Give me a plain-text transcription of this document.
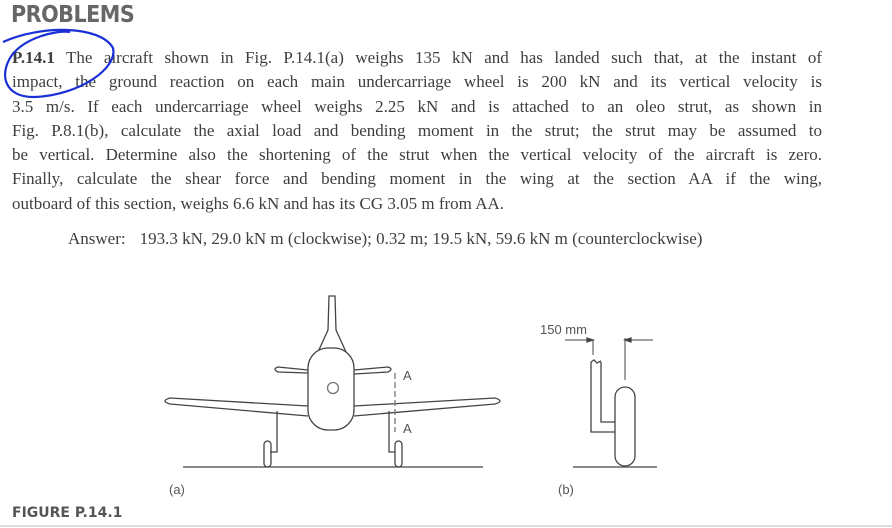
PROBLEMS
P.14.1 The aircraft shown in Fig. P.14.1(a) weighs 135 kN and has landed such that, at the instant of
impact, the ground reaction on each main undercarriage wheel is 200 kN and its vertical velocity is
3.5 m/s. If each undercarriage wheel weighs 2.25 kN and is attached to an oleo strut, as shown in
Fig. P.8.1(b), calculate the axial load and bending moment in the strut; the strut may be assumed to
be vertical. Determine also the shortening of the strut when the vertical velocity of the aircraft is zero.
Finally, calculate the shear force and bending moment in the wing at the section AA if the wing,
outboard of this section, weighs 6.6 kN and has its CG 3.05 m from AA.
Answer: 193.3 kN, 29.0 kN m (clockwise); 0.32 m; 19.5 kN, 59.6 kN m (counterclockwise)
A
A
(a)
150 mm
(b)
FIGURE P.14.1
